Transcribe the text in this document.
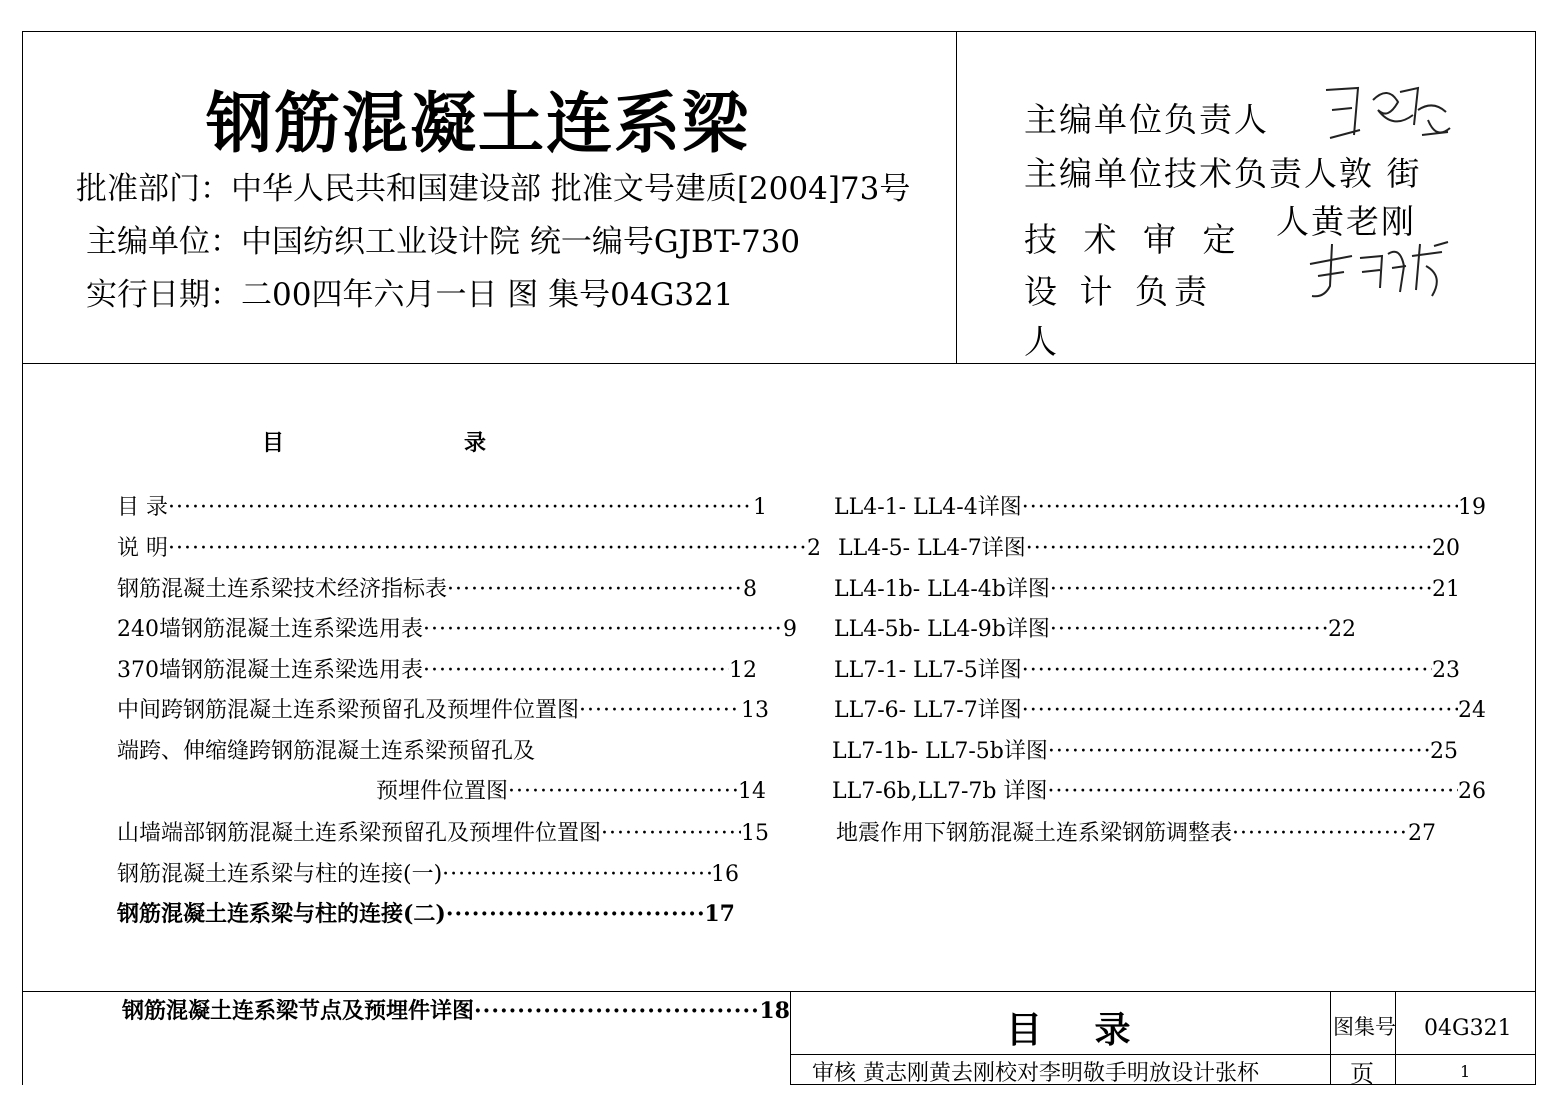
钢筋混凝土连系梁
批准部门：中华人民共和国建设部 批准文号建质[2004]73号
主编单位：中国纺织工业设计院 统一编号GJBT-730
实行日期：二00四年六月一日 图 集号04G321
主编单位负责人
主编单位技术负责人敦 街
人黄老刚
技 术 审 定
设 计 负责
人
目	录
目 录 ·····	1
说 明 ·····	2
钢筋混凝土连系梁技术经济指标表 ·····	8
240墙钢筋混凝土连系梁选用表 ·····	9
370墙钢筋混凝土连系梁选用表 ·····	12
中间跨钢筋混凝土连系梁预留孔及预埋件位置图 ·····	13
端跨、伸缩缝跨钢筋混凝土连系梁预留孔及
预埋件位置图 ·····	14
山墙端部钢筋混凝土连系梁预留孔及预埋件位置图 ·····	15
钢筋混凝土连系梁与柱的连接(一) ·····	16
钢筋混凝土连系梁与柱的连接(二) ·····	17
钢筋混凝土连系梁节点及预埋件详图 ·····	18
LL4-1- LL4-4详图 ·····	19
LL4-5- LL4-7详图 ·····	20
LL4-1b- LL4-4b详图 ·····	21
LL4-5b- LL4-9b详图 ·····	22
LL7-1- LL7-5详图 ·····	23
LL7-6- LL7-7详图 ·····	24
LL7-1b- LL7-5b详图 ·····	25
LL7-6b,LL7-7b 详图 ·····	26
地震作用下钢筋混凝土连系梁钢筋调整表 ·····	27
目 录	图集号 04G321
审核 黄志刚黄去刚校对李明敬手明放设计张杯	页	1
